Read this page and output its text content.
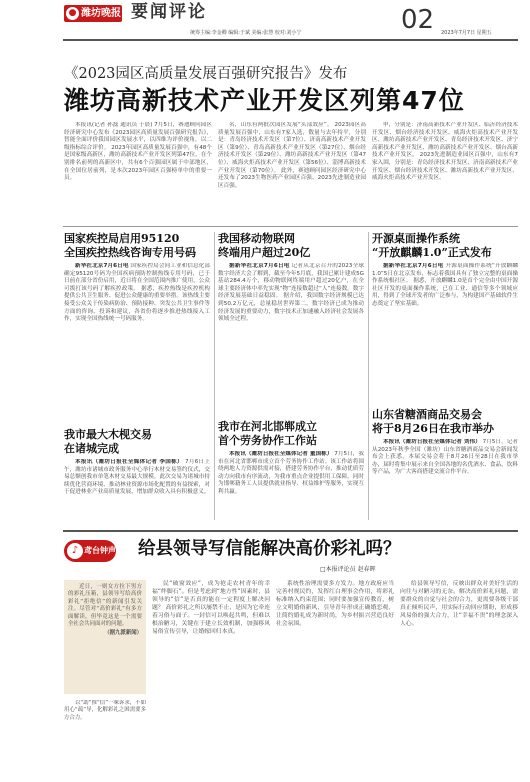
● 潍坊晚报 要闻评论	02
统筹主编:李金卿 编辑:于斌 美编:张慧 校对:刘小宁	2023年7月7日 星期五
《2023园区高质量发展百强研究报告》发布
潍坊高新技术产业开发区列第47位

本报讯(记者 孙磊 通讯员 于晨) 7月5日，赛迪顾问园区经济研究中心发布《2023园区高质量发展百强研究报告》，智能全面评价我国园区发展水平，以四维为评价视角，以二级指标综合评价。 2023年园区高质量发展百强中，有48个是国家级高新区，潍坊高新技术产业开发区列第47位，在个别排名前列的高新区中，共有6个百强园区属于中部地区，在全国位居前列，是本次2023年园区百强榜单中的重要一员。

名，山东有两批次园区发展“头部效应”。 2023园区高质量发展百强中，山东有7家入选，数量与去年持平，分别是：青岛经济技术开发区（第7位）、济南高新技术产业开发区（第9位）、青岛高新技术产业开发区（第27位）、烟台经济技术开发区（第29位）、潍坊高新技术产业开发区（第47位）、威海火炬高技术产业开发区（第56位）、淄博高新技术产业开发区（第70位）。 此外，赛迪顾问园区经济研究中心还发布了2023生物医药产业园区百强、2023先进制造业园区百强。

申，分别是：济南高新技术产业开发区、临沂经济技术开发区、烟台经济技术开发区、威海火炬高技术产业开发区、潍坊高新技术产业开发区、青岛经济技术开发区、济宁高新技术产业开发区、潍坊高新技术产业开发区、烟台高新技术产业开发区。 2023先进制造业园区百强中，山东有7家入围，分别是：青岛经济技术开发区、济南高新技术产业开发区、烟台经济技术开发区、潍坊高新技术产业开发区、威海火炬高技术产业开发区。

国家疾控局启用95120
全国疾控热线咨询专用号码

新华社北京7月6日电 国家疾控局会同工业和信息化部确定95120号码为全国疾病预防控制热线专用号码，已于日前在部分省份启用，近日将在全国范围内推广使用，公众可拨打该号码了解疾控政策。 据悉，疾控热线是疾控机构提供公共卫生服务、促进公众健康的重要举措。该热线主要接受公众关于传染病防治、预防接种、突发公共卫生事件等方面的咨询、投诉和建议，各省份将逐步推进热线接入工作，实现全国热线统一号码服务。

我国移动物联网
终端用户超过20亿

据新华社北京7月6日电 记者从北京召开的2023全球数字经济大会了解到，截至今年5月底，我国已累计建成5G基站284.4万个，移动物联网终端用户超过20亿户，在全球主要经济体中率先实现“物”连接数超过“人”连接数。数字经济发展基础日益稳固。 据介绍，我国数字经济规模已达到50.2万亿元，总量稳居世界第二，数字经济已成为推动经济发展的重要动力，数字技术正加速融入经济社会发展各领域全过程。

开源桌面操作系统
“开放麒麟1.0”正式发布

据新华社北京7月6日电 开源桌面操作系统“开放麒麟1.0”5日在北京发布，标志着我国具有了独立完整的桌面操作系统根社区。 据悉，开放麒麟1.0是首个完全由中国开源社区开发的桌面操作系统，已在工业、通信等多个领域应用，得到了全球开发者的广泛参与，为构建国产基础软件生态奠定了坚实基础。

我市最大木枧交易
在诸城完成

本报讯（潍坊日报社全媒体记者 李国栋） 7月6日上午，潍坊市诸城市政务服务中心举行木材交易签约仪式，交易总额创我市单笔木材交易最大规模。此次交易为诸城市持续优化营商环境、推动林业资源市场化配置的有益探索，对于促进林业产业高质量发展、增加群众收入具有积极意义。

我市在河北邯郸成立
首个劳务协作工作站

本报讯（潍坊日报社全媒体记者 董国栋） 7月5日，我市在河北省邯郸市成立首个劳务协作工作站。该工作站将围绕两地人力资源供需对接，搭建劳务协作平台，推动优质劳动力向我市有序流动，为我市重点企业提供用工保障，同时为邯郸籍务工人员提供就业指导、权益维护等服务，实现互利共赢。

山东省糖酒商品交易会
将于8月26日在我市举办

本报讯（潍坊日报社全媒体记者 刘伟） 7月5日，记者从2023年秋季全国（潍坊）山东省糖酒商品交易会新闻发布会上获悉，本届交易会将于8月26日至28日在我市举办，届时将集中展示来自全国各地的名优酒水、食品、饮料等产品，为广大客商搭建交流合作平台。

♪ 鸢台钟声 给县领导写信能解决高价彩礼吗？
□本报评论员 赵春晖

近日，一则女方拉下男方的彩礼压箱，县领导写给高价彩礼“拒绝信”的新闻引发关注。尽管对“高价彩礼”有多方面解读，但毕竟这是一个需要全社会共同面对的问题。

（据九派新闻）

以“助”推“信”一味诉求，不如用心“疏”导，化解彩礼之困需要多方合力。

民“破窗效应”，成为抢走农村青年的幸福“绊脚石”。但是考虑到“地方性”因素时，县领导的“信”是否真的能在一定程度上解决问题？ 高价彩礼之所以屡禁不止，是因为它牵连着习俗与面子。一封信可以唤起共鸣，但难以根治陋习，关键在于建立长效机制，加强移风易俗宣传引导，让婚嫁回归本真。

系统性治理需要多方发力。地方政府应当完善村规民约，发挥红白理事会作用，将彩礼标准纳入约束范围；同时要加强宣传教育，树立文明婚俗新风，引导青年形成正确婚恋观，让简约婚礼成为新时尚，为乡村振兴营造良好社会氛围。

给县领导写信，反映出群众对美好生活的向往与对陋习的无奈。解决高价彩礼问题，需要群众的自觉与社会的合力，更需要各级干部真正倾听民声，用实际行动回应期盼，形成移风易俗的强大合力，让“幸福不贵”的理念深入人心。
